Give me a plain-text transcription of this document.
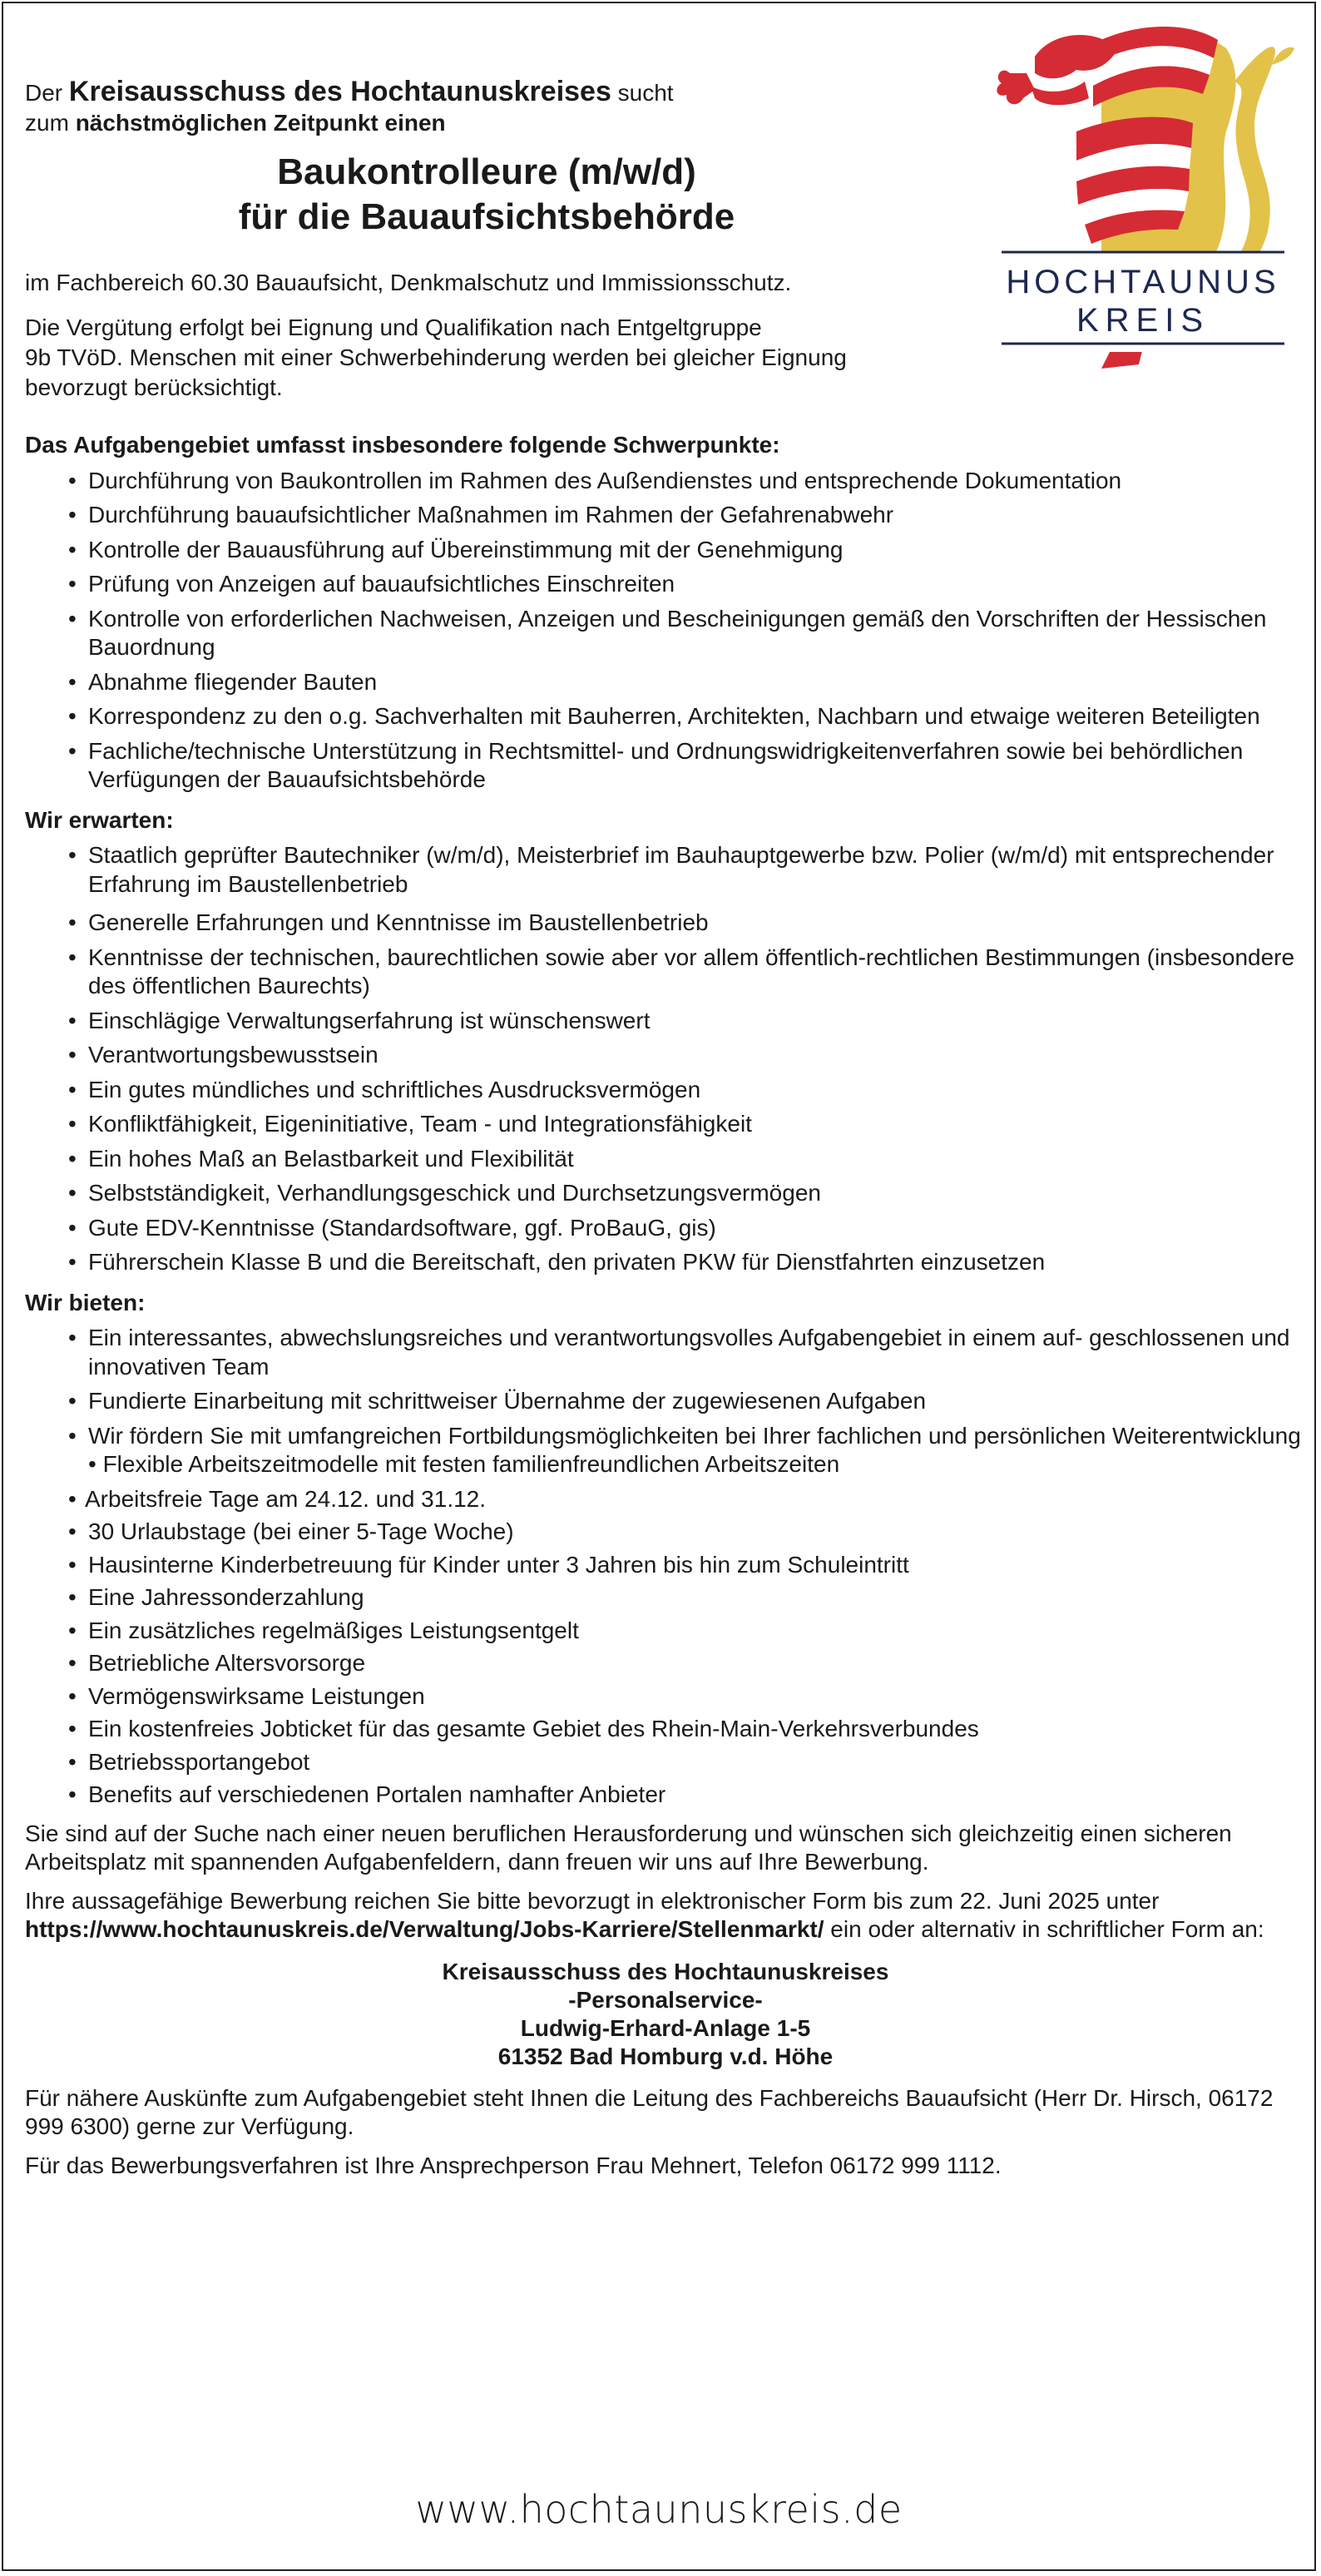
Der Kreisausschuss des Hochtaunuskreises sucht
zum nächstmöglichen Zeitpunkt einen
Baukontrolleure (m/w/d)
für die Bauaufsichtsbehörde
im Fachbereich 60.30 Bauaufsicht, Denkmalschutz und Immissionsschutz.
Die Vergütung erfolgt bei Eignung und Qualifikation nach Entgeltgruppe
9b TVöD. Menschen mit einer Schwerbehinderung werden bei gleicher Eignung
bevorzugt berücksichtigt.
HOCHTAUNUS
KREIS

Das Aufgabengebiet umfasst insbesondere folgende Schwerpunkte:

• Durchführung von Baukontrollen im Rahmen des Außendienstes und entsprechende Dokumentation
• Durchführung bauaufsichtlicher Maßnahmen im Rahmen der Gefahrenabwehr
• Kontrolle der Bauausführung auf Übereinstimmung mit der Genehmigung
• Prüfung von Anzeigen auf bauaufsichtliches Einschreiten
• Kontrolle von erforderlichen Nachweisen, Anzeigen und Bescheinigungen gemäß den Vorschriften der Hessischen Bauordnung
• Abnahme fliegender Bauten
• Korrespondenz zu den o.g. Sachverhalten mit Bauherren, Architekten, Nachbarn und etwaige weiteren Beteiligten
• Fachliche/technische Unterstützung in Rechtsmittel- und Ordnungswidrigkeitenverfahren sowie bei behördlichen Verfügungen der Bauaufsichtsbehörde

Wir erwarten:

• Staatlich geprüfter Bautechniker (w/m/d), Meisterbrief im Bauhauptgewerbe bzw. Polier (w/m/d) mit entsprechender Erfahrung im Baustellenbetrieb
• Generelle Erfahrungen und Kenntnisse im Baustellenbetrieb
• Kenntnisse der technischen, baurechtlichen sowie aber vor allem öffentlich-rechtlichen Bestimmungen (insbesondere des öffentlichen Baurechts)
• Einschlägige Verwaltungserfahrung ist wünschenswert
• Verantwortungsbewusstsein
• Ein gutes mündliches und schriftliches Ausdrucksvermögen
• Konfliktfähigkeit, Eigeninitiative, Team - und Integrationsfähigkeit
• Ein hohes Maß an Belastbarkeit und Flexibilität
• Selbstständigkeit, Verhandlungsgeschick und Durchsetzungsvermögen
• Gute EDV-Kenntnisse (Standardsoftware, ggf. ProBauG, gis)
• Führerschein Klasse B und die Bereitschaft, den privaten PKW für Dienstfahrten einzusetzen

Wir bieten:

• Ein interessantes, abwechslungsreiches und verantwortungsvolles Aufgabengebiet in einem auf- geschlossenen und innovativen Team
• Fundierte Einarbeitung mit schrittweiser Übernahme der zugewiesenen Aufgaben
• Wir fördern Sie mit umfangreichen Fortbildungsmöglichkeiten bei Ihrer fachlichen und persönlichen Weiterentwicklung • Flexible Arbeitszeitmodelle mit festen familienfreundlichen Arbeitszeiten
• Arbeitsfreie Tage am 24.12. und 31.12.
• 30 Urlaubstage (bei einer 5-Tage Woche)
• Hausinterne Kinderbetreuung für Kinder unter 3 Jahren bis hin zum Schuleintritt
• Eine Jahressonderzahlung
• Ein zusätzliches regelmäßiges Leistungsentgelt
• Betriebliche Altersvorsorge
• Vermögenswirksame Leistungen
• Ein kostenfreies Jobticket für das gesamte Gebiet des Rhein-Main-Verkehrsverbundes
• Betriebssportangebot
• Benefits auf verschiedenen Portalen namhafter Anbieter

Sie sind auf der Suche nach einer neuen beruflichen Herausforderung und wünschen sich gleichzeitig einen sicheren Arbeitsplatz mit spannenden Aufgabenfeldern, dann freuen wir uns auf Ihre Bewerbung.

Ihre aussagefähige Bewerbung reichen Sie bitte bevorzugt in elektronischer Form bis zum 22. Juni 2025 unter https://www.hochtaunuskreis.de/Verwaltung/Jobs-Karriere/Stellenmarkt/ ein oder alternativ in schriftlicher Form an:

Kreisausschuss des Hochtaunuskreises
-Personalservice-
Ludwig-Erhard-Anlage 1-5
61352 Bad Homburg v.d. Höhe

Für nähere Auskünfte zum Aufgabengebiet steht Ihnen die Leitung des Fachbereichs Bauaufsicht (Herr Dr. Hirsch, 06172 999 6300) gerne zur Verfügung.

Für das Bewerbungsverfahren ist Ihre Ansprechperson Frau Mehnert, Telefon 06172 999 1112.

www.hochtaunuskreis.de
